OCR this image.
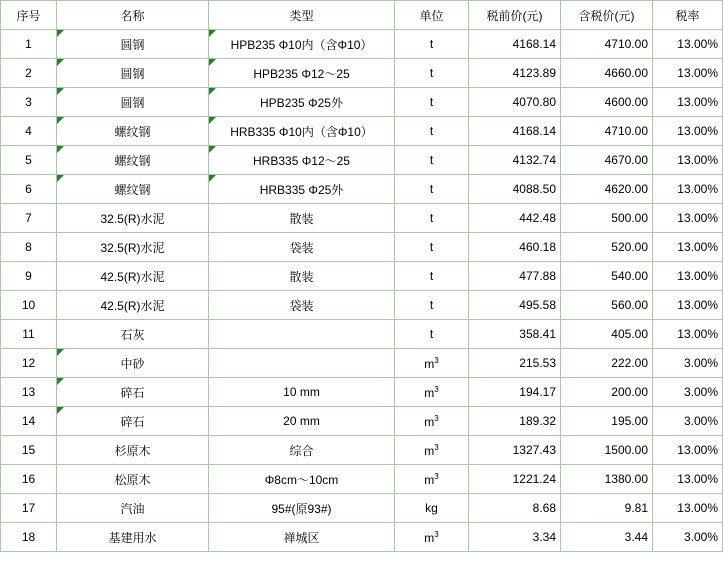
序号	名称	类型	单位	税前价(元)	含税价(元)	税率
1	圆钢	HPB235 Φ10内（含Φ10）	t	4168.14	4710.00	13.00%
2	圆钢	HPB235 Φ12～25	t	4123.89	4660.00	13.00%
3	圆钢	HPB235 Φ25外	t	4070.80	4600.00	13.00%
4	螺纹钢	HRB335 Φ10内（含Φ10）	t	4168.14	4710.00	13.00%
5	螺纹钢	HRB335 Φ12～25	t	4132.74	4670.00	13.00%
6	螺纹钢	HRB335 Φ25外	t	4088.50	4620.00	13.00%
7	32.5(R)水泥	散装	t	442.48	500.00	13.00%
8	32.5(R)水泥	袋装	t	460.18	520.00	13.00%
9	42.5(R)水泥	散装	t	477.88	540.00	13.00%
10	42.5(R)水泥	袋装	t	495.58	560.00	13.00%
11	石灰		t	358.41	405.00	13.00%
12	中砂		$m^3$	215.53	222.00	3.00%
13	碎石	10 mm	$m^3$	194.17	200.00	3.00%
14	碎石	20 mm	$m^3$	189.32	195.00	3.00%
15	杉原木	综合	$m^3$	1327.43	1500.00	13.00%
16	松原木	Φ8cm～10cm	$m^3$	1221.24	1380.00	13.00%
17	汽油	95#(原93#)	kg	8.68	9.81	13.00%
18	基建用水	禅城区	$m^3$	3.34	3.44	3.00%
